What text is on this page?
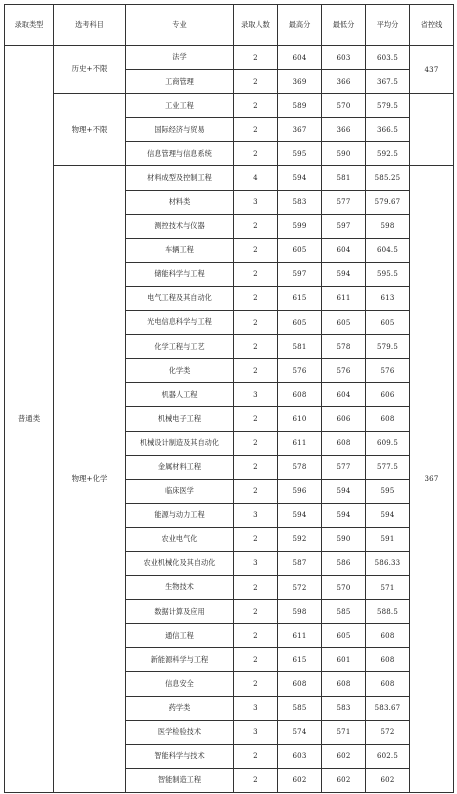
录取类型	选考科目	专业	录取人数	最高分	最低分	平均分	省控线
普通类	历史+不限	法学	2	604	603	603.5	437
		工商管理	2	369	366	367.5	
	物理+不限	工业工程	2	589	570	579.5	
		国际经济与贸易	2	367	366	366.5	
		信息管理与信息系统	2	595	590	592.5	
	物理+化学	材料成型及控制工程	4	594	581	585.25	367
		材料类	3	583	577	579.67	
		测控技术与仪器	2	599	597	598	
		车辆工程	2	605	604	604.5	
		储能科学与工程	2	597	594	595.5	
		电气工程及其自动化	2	615	611	613	
		光电信息科学与工程	2	605	605	605	
		化学工程与工艺	2	581	578	579.5	
		化学类	2	576	576	576	
		机器人工程	3	608	604	606	
		机械电子工程	2	610	606	608	
		机械设计制造及其自动化	2	611	608	609.5	
		金属材料工程	2	578	577	577.5	
		临床医学	2	596	594	595	
		能源与动力工程	3	594	594	594	
		农业电气化	2	592	590	591	
		农业机械化及其自动化	3	587	586	586.33	
		生物技术	2	572	570	571	
		数据计算及应用	2	598	585	588.5	
		通信工程	2	611	605	608	
		新能源科学与工程	2	615	601	608	
		信息安全	2	608	608	608	
		药学类	3	585	583	583.67	
		医学检验技术	3	574	571	572	
		智能科学与技术	2	603	602	602.5	
		智能制造工程	2	602	602	602	
